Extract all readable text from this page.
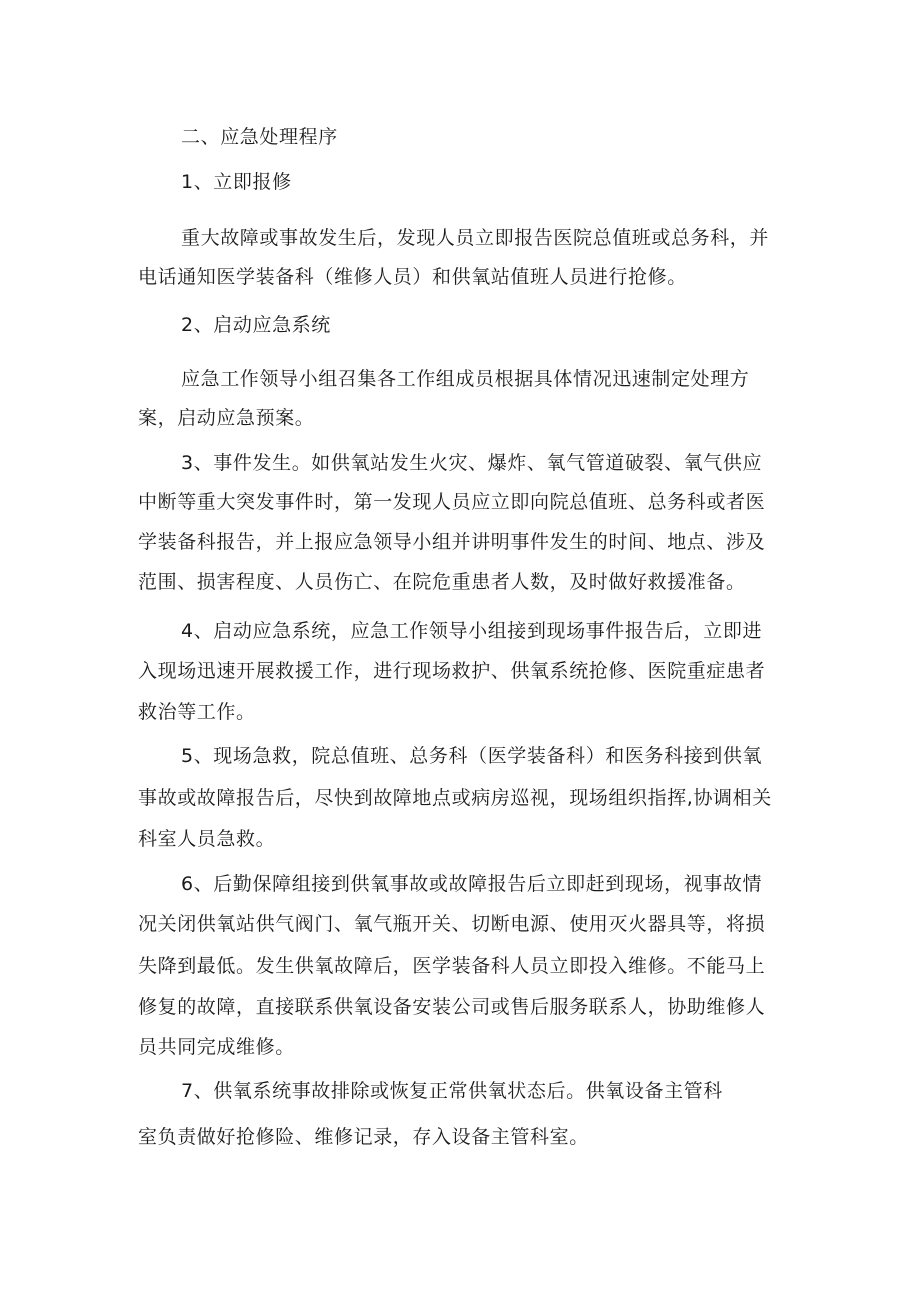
二、应急处理程序
1、立即报修
重大故障或事故发生后，发现人员立即报告医院总值班或总务科，并
电话通知医学装备科（维修人员）和供氧站值班人员进行抢修。
2、启动应急系统
应急工作领导小组召集各工作组成员根据具体情况迅速制定处理方
案，启动应急预案。
3、事件发生。如供氧站发生火灾、爆炸、氧气管道破裂、氧气供应
中断等重大突发事件时，第一发现人员应立即向院总值班、总务科或者医
学装备科报告，并上报应急领导小组并讲明事件发生的时间、地点、涉及
范围、损害程度、人员伤亡、在院危重患者人数，及时做好救援准备。
4、启动应急系统，应急工作领导小组接到现场事件报告后，立即进
入现场迅速开展救援工作，进行现场救护、供氧系统抢修、医院重症患者
救治等工作。
5、现场急救，院总值班、总务科（医学装备科）和医务科接到供氧
事故或故障报告后，尽快到故障地点或病房巡视，现场组织指挥,协调相关
科室人员急救。
6、后勤保障组接到供氧事故或故障报告后立即赶到现场，视事故情
况关闭供氧站供气阀门、氧气瓶开关、切断电源、使用灭火器具等，将损
失降到最低。发生供氧故障后，医学装备科人员立即投入维修。不能马上
修复的故障，直接联系供氧设备安装公司或售后服务联系人，协助维修人
员共同完成维修。
7、供氧系统事故排除或恢复正常供氧状态后。供氧设备主管科
室负责做好抢修险、维修记录，存入设备主管科室。
